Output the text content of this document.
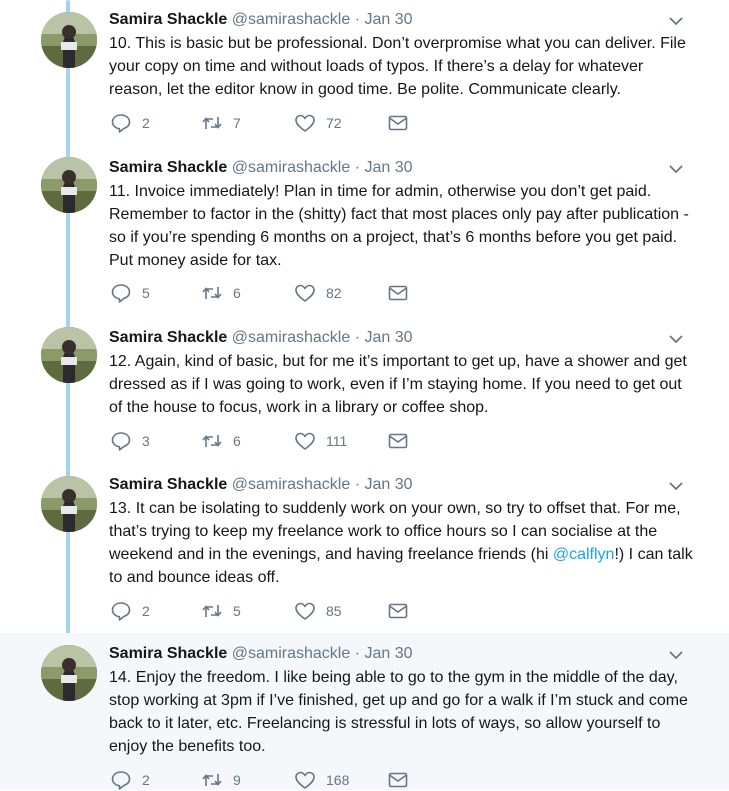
Samira Shackle @samirashackle · Jan 30
10. This is basic but be professional. Don’t overpromise what you can deliver. File your copy on time and without loads of typos. If there’s a delay for whatever reason, let the editor know in good time. Be polite. Communicate clearly.
2	7	72
Samira Shackle @samirashackle · Jan 30
11. Invoice immediately! Plan in time for admin, otherwise you don’t get paid. Remember to factor in the (shitty) fact that most places only pay after publication - so if you’re spending 6 months on a project, that’s 6 months before you get paid. Put money aside for tax.
5	6	82
Samira Shackle @samirashackle · Jan 30
12. Again, kind of basic, but for me it’s important to get up, have a shower and get dressed as if I was going to work, even if I’m staying home. If you need to get out of the house to focus, work in a library or coffee shop.
3	6	111
Samira Shackle @samirashackle · Jan 30
13. It can be isolating to suddenly work on your own, so try to offset that. For me, that’s trying to keep my freelance work to office hours so I can socialise at the weekend and in the evenings, and having freelance friends (hi @calflyn!) I can talk to and bounce ideas off.
2	5	85
Samira Shackle @samirashackle · Jan 30
14. Enjoy the freedom. I like being able to go to the gym in the middle of the day, stop working at 3pm if I’ve finished, get up and go for a walk if I’m stuck and come back to it later, etc. Freelancing is stressful in lots of ways, so allow yourself to enjoy the benefits too.
2	9	168
